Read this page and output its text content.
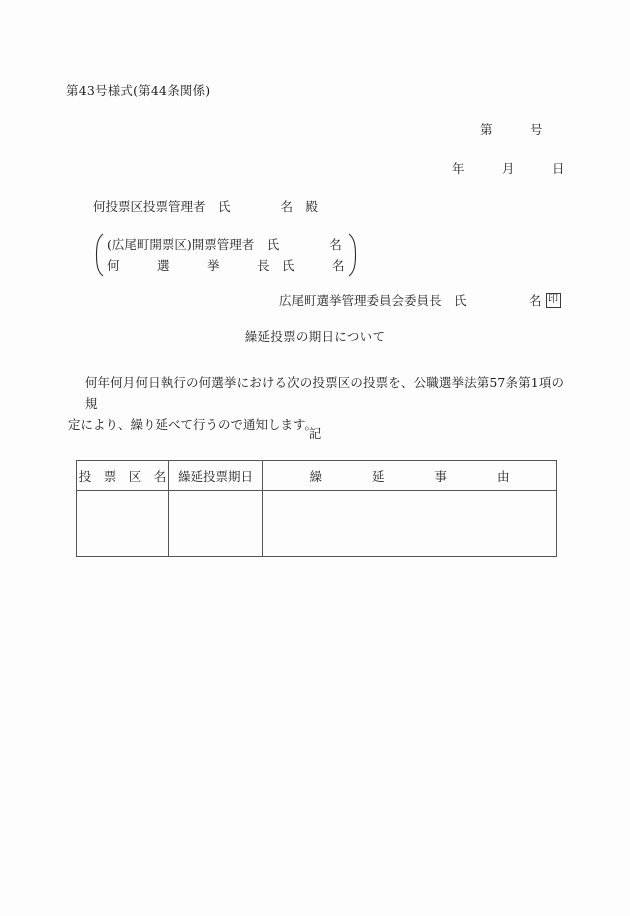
第43号様式(第44条関係)
第　　　号
年　　　月　　　日
何投票区投票管理者　氏　　　　名　殿
(広尾町開票区)開票管理者　氏　　　　名
何　　　選　　　挙　　　長　氏　　　名
広尾町選挙管理委員会委員長　氏　　　　　名 印
繰延投票の期日について
何年何月何日執行の何選挙における次の投票区の投票を、公職選挙法第57条第1項の規
定により、繰り延べて行うので通知します。
記
投　票　区　名	繰延投票期日	繰　　　　延　　　　事　　　　由
